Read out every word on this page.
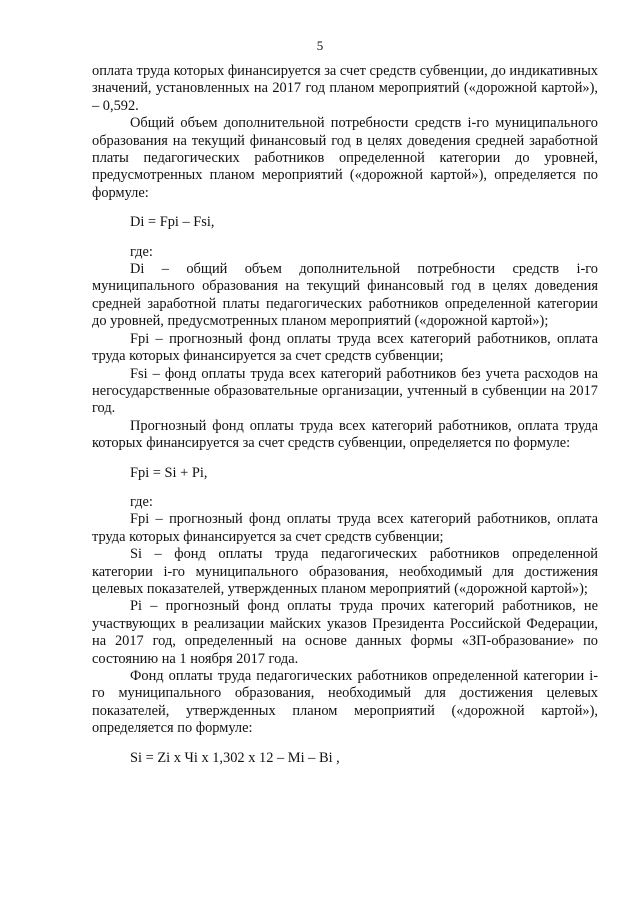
5

оплата труда которых финансируется за счет средств субвенции, до индикативных значений, установленных на 2017 год планом мероприятий («дорожной картой»), – 0,592.

Общий объем дополнительной потребности средств i-го муниципального образования на текущий финансовый год в целях доведения средней заработной платы педагогических работников определенной категории до уровней, предусмотренных планом мероприятий («дорожной картой»), определяется по формуле:

Di = Fpi – Fsi,

где:

Di – общий объем дополнительной потребности средств i-го муниципального образования на текущий финансовый год в целях доведения средней заработной платы педагогических работников определенной категории до уровней, предусмотренных планом мероприятий («дорожной картой»);

Fpi – прогнозный фонд оплаты труда всех категорий работников, оплата труда которых финансируется за счет средств субвенции;

Fsi – фонд оплаты труда всех категорий работников без учета расходов на негосударственные образовательные организации, учтенный в субвенции на 2017 год.

Прогнозный фонд оплаты труда всех категорий работников, оплата труда которых финансируется за счет средств субвенции, определяется по формуле:

Fpi = Si + Pi,

где:

Fpi – прогнозный фонд оплаты труда всех категорий работников, оплата труда которых финансируется за счет средств субвенции;

Si – фонд оплаты труда педагогических работников определенной категории i-го муниципального образования, необходимый для достижения целевых показателей, утвержденных планом мероприятий («дорожной картой»);

Pi – прогнозный фонд оплаты труда прочих категорий работников, не участвующих в реализации майских указов Президента Российской Федерации, на 2017 год, определенный на основе данных формы «ЗП-образование» по состоянию на 1 ноября 2017 года.

Фонд оплаты труда педагогических работников определенной категории i-го муниципального образования, необходимый для достижения целевых показателей, утвержденных планом мероприятий («дорожной картой»), определяется по формуле:

Si = Zi x Чi x 1,302 x 12 – Mi – Bi ,
